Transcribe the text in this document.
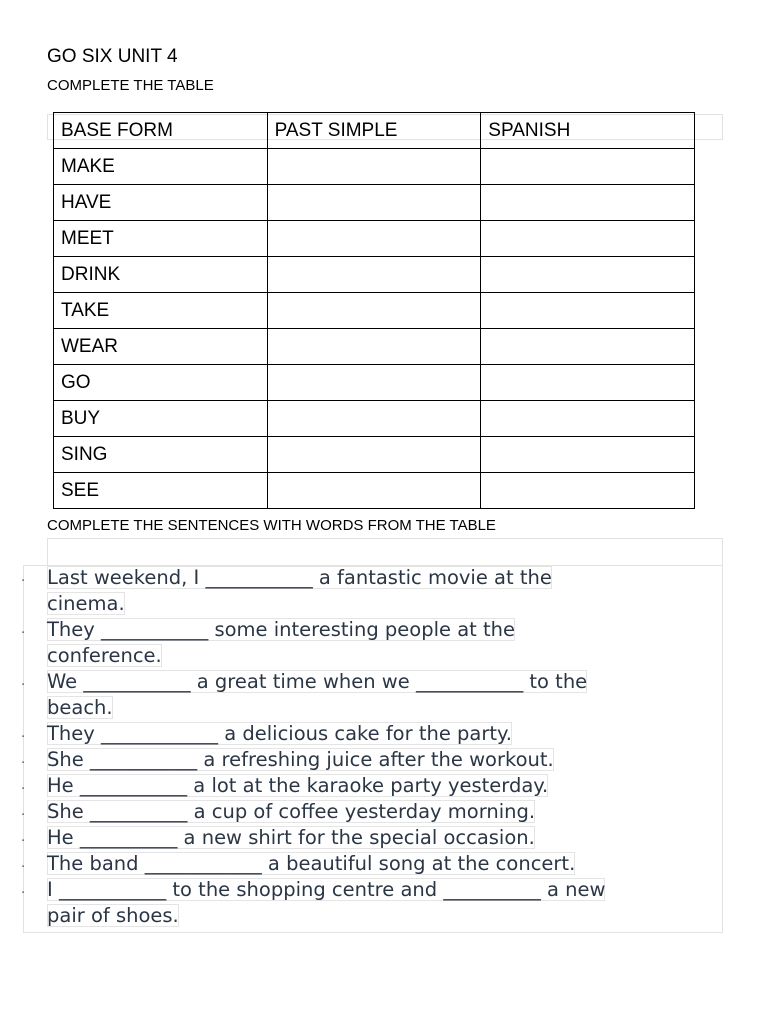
GO SIX UNIT 4
COMPLETE THE TABLE
BASE FORM	PAST SIMPLE	SPANISH
MAKE		
HAVE		
MEET		
DRINK		
TAKE		
WEAR		
GO		
BUY		
SING		
SEE		
COMPLETE THE SENTENCES WITH WORDS FROM THE TABLE
. Last weekend, I ___________ a fantastic movie at the
cinema.
. They ___________ some interesting people at the
conference.
. We ___________ a great time when we ___________ to the
beach.
. They ____________ a delicious cake for the party.
. She ___________ a refreshing juice after the workout.
. He ___________ a lot at the karaoke party yesterday.
. She __________ a cup of coffee yesterday morning.
. He __________ a new shirt for the special occasion.
. The band ____________ a beautiful song at the concert.
. I ___________ to the shopping centre and __________ a new
pair of shoes.
